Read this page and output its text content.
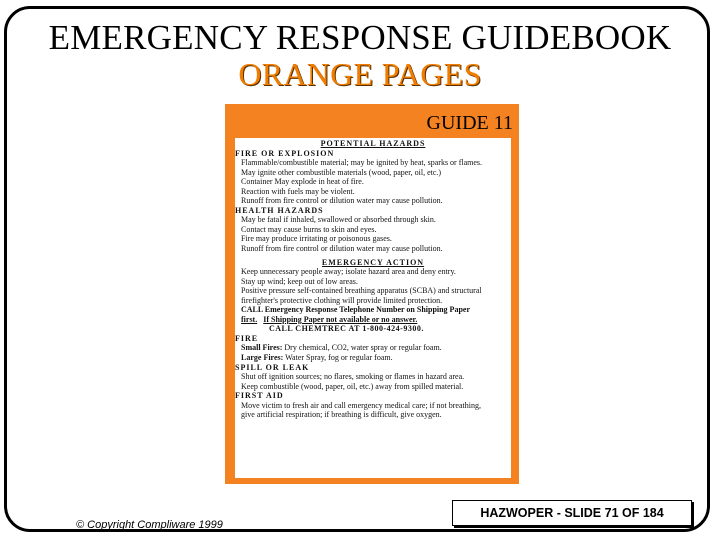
EMERGENCY RESPONSE GUIDEBOOK
ORANGE PAGES
GUIDE 11
POTENTIAL HAZARDS
FIRE OR EXPLOSION
Flammable/combustible material; may be ignited by heat, sparks or flames.
May ignite other combustible materials (wood, paper, oil, etc.)
Container May explode in heat of fire.
Reaction with fuels may be violent.
Runoff from fire control or dilution water may cause pollution.
HEALTH HAZARDS
May be fatal if inhaled, swallowed or absorbed through skin.
Contact may cause burns to skin and eyes.
Fire may produce irritating or poisonous gases.
Runoff from fire control or dilution water may cause pollution.
EMERGENCY ACTION
Keep unnecessary people away; isolate hazard area and deny entry.
Stay up wind; keep out of low areas.
Positive pressure self-contained breathing apparatus (SCBA) and structural
firefighter's protective clothing will provide limited protection.
CALL Emergency Response Telephone Number on Shipping Paper
first. If Shipping Paper not available or no answer.
CALL CHEMTREC AT 1-800-424-9300.
FIRE
Small Fires: Dry chemical, CO2, water spray or regular foam.
Large Fires: Water Spray, fog or regular foam.
SPILL OR LEAK
Shut off ignition sources; no flares, smoking or flames in hazard area.
Keep combustible (wood, paper, oil, etc.) away from spilled material.
FIRST AID
Move victim to fresh air and call emergency medical care; if not breathing,
give artificial respiration; if breathing is difficult, give oxygen.
© Copyright Compliware 1999
HAZWOPER - SLIDE 71 OF 184
